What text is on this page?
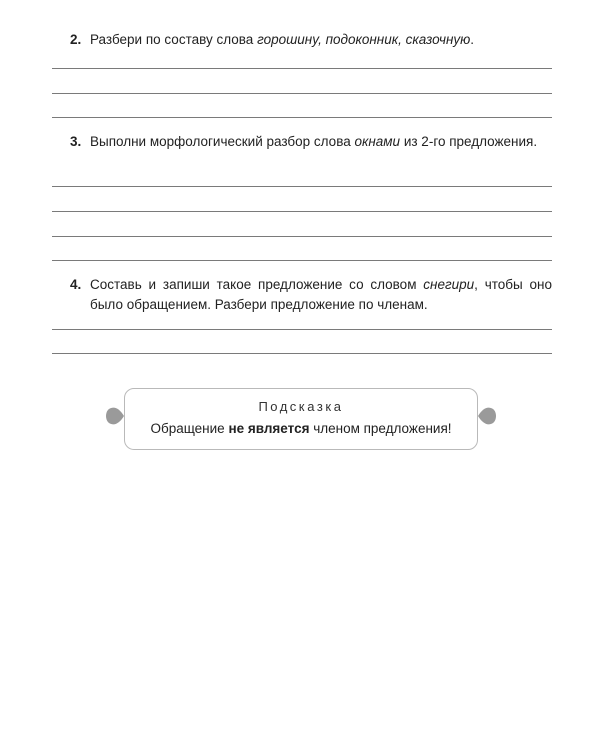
2. Разбери по составу слова горошину, подоконник, сказочную.
3. Выполни морфологический разбор слова окнами из 2-го предложения.
4. Составь и запиши такое предложение со словом снегири, чтобы оно было обращением. Разбери предложение по членам.
Подсказка
Обращение не является членом предложения!
